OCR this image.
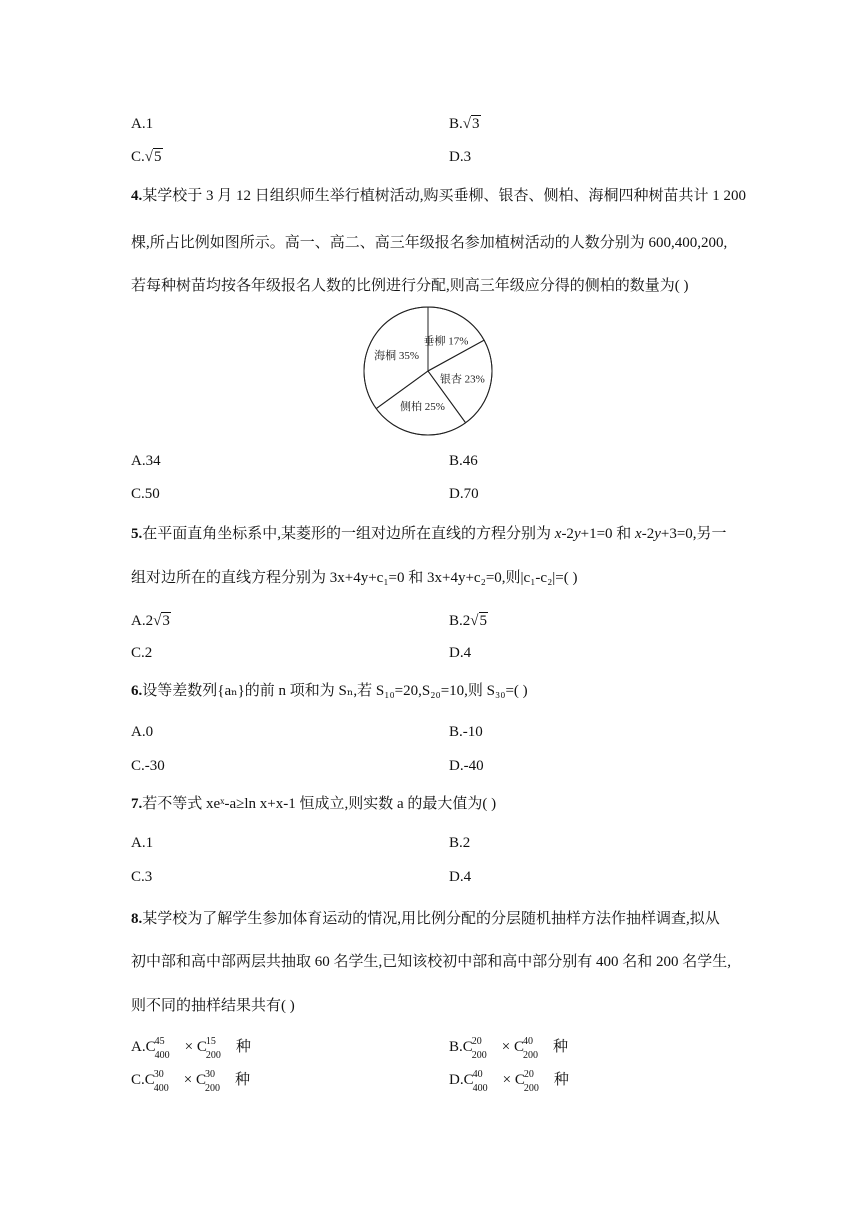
A.1	B.√3
C.√5	D.3
4.某学校于 3 月 12 日组织师生举行植树活动,购买垂柳、银杏、侧柏、海桐四种树苗共计 1 200
棵,所占比例如图所示。高一、高二、高三年级报名参加植树活动的人数分别为 600,400,200,
若每种树苗均按各年级报名人数的比例进行分配,则高三年级应分得的侧柏的数量为( )
垂柳 17%
银杏 23%
侧柏 25%
海桐 35%
A.34	B.46
C.50	D.70
5.在平面直角坐标系中,某菱形的一组对边所在直线的方程分别为 x-2y+1=0 和 x-2y+3=0,另一
组对边所在的直线方程分别为 3x+4y+c₁=0 和 3x+4y+c₂=0,则|c₁-c₂|=( )
A.2√3	B.2√5
C.2	D.4
6.设等差数列{aₙ}的前 n 项和为 Sₙ,若 S₁₀=20,S₂₀=10,则 S₃₀=( )
A.0	B.-10
C.-30	D.-40
7.若不等式 xeˣ-a≥ln x+x-1 恒成立,则实数 a 的最大值为( )
A.1	B.2
C.3	D.4
8.某学校为了解学生参加体育运动的情况,用比例分配的分层随机抽样方法作抽样调查,拟从
初中部和高中部两层共抽取 60 名学生,已知该校初中部和高中部分别有 400 名和 200 名学生,
则不同的抽样结果共有( )
A.C
45
400
× C
15
200
种	B.C
20
200
× C
40
200
种
C.C
30
400
× C
30
200
种	D.C
40
400
× C
20
200
种
